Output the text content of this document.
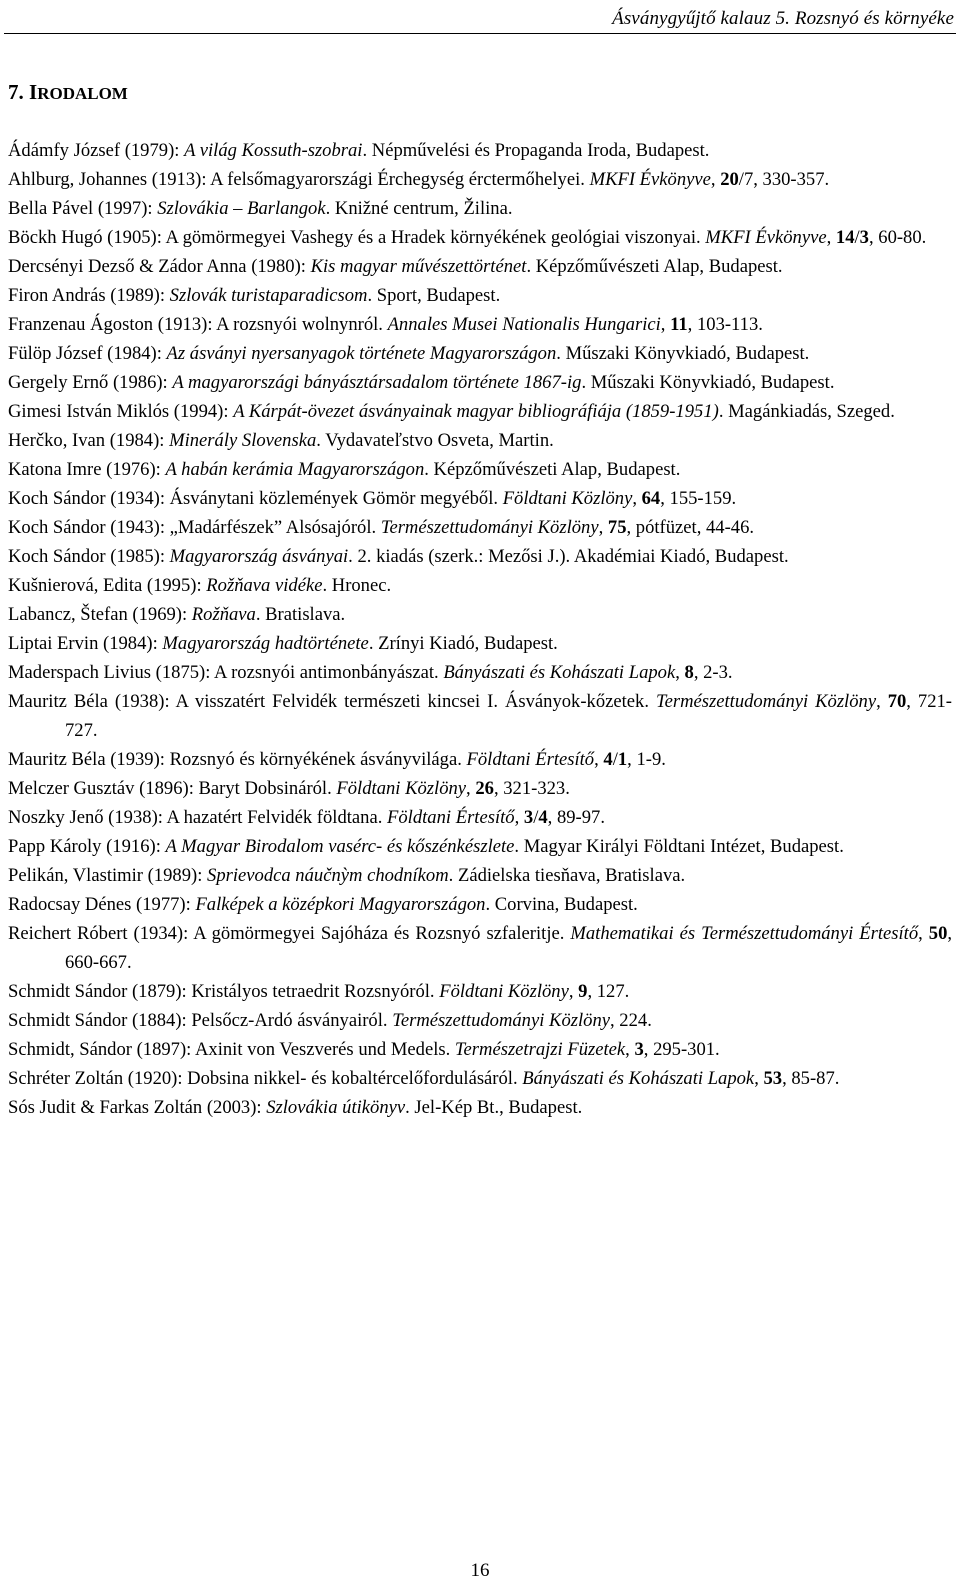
Ásványgyűjtő kalauz 5. Rozsnyó és környéke
7. IRODALOM
Ádámfy József (1979): A világ Kossuth-szobrai. Népművelési és Propaganda Iroda, Budapest.
Ahlburg, Johannes (1913): A felsőmagyarországi Érchegység érctermőhelyei. MKFI Évkönyve, 20/7, 330-357.
Bella Pável (1997): Szlovákia – Barlangok. Knižné centrum, Žilina.
Böckh Hugó (1905): A gömörmegyei Vashegy és a Hradek környékének geológiai viszonyai. MKFI Évkönyve, 14/3, 60-80.
Dercsényi Dezső & Zádor Anna (1980): Kis magyar művészettörténet. Képzőművészeti Alap, Budapest.
Firon András (1989): Szlovák turistaparadicsom. Sport, Budapest.
Franzenau Ágoston (1913): A rozsnyói wolnynról. Annales Musei Nationalis Hungarici, 11, 103-113.
Fülöp József (1984): Az ásványi nyersanyagok története Magyarországon. Műszaki Könyvkiadó, Budapest.
Gergely Ernő (1986): A magyarországi bányásztársadalom története 1867-ig. Műszaki Könyvkiadó, Budapest.
Gimesi István Miklós (1994): A Kárpát-övezet ásványainak magyar bibliográfiája (1859-1951). Magánkiadás, Szeged.
Herčko, Ivan (1984): Minerály Slovenska. Vydavateľstvo Osveta, Martin.
Katona Imre (1976): A habán kerámia Magyarországon. Képzőművészeti Alap, Budapest.
Koch Sándor (1934): Ásványtani közlemények Gömör megyéből. Földtani Közlöny, 64, 155-159.
Koch Sándor (1943): „Madárfészek” Alsósajóról. Természettudományi Közlöny, 75, pótfüzet, 44-46.
Koch Sándor (1985): Magyarország ásványai. 2. kiadás (szerk.: Mezősi J.). Akadémiai Kiadó, Budapest.
Kušnierová, Edita (1995): Rožňava vidéke. Hronec.
Labancz, Štefan (1969): Rožňava. Bratislava.
Liptai Ervin (1984): Magyarország hadtörténete. Zrínyi Kiadó, Budapest.
Maderspach Livius (1875): A rozsnyói antimonbányászat. Bányászati és Kohászati Lapok, 8, 2-3.
Mauritz Béla (1938): A visszatért Felvidék természeti kincsei I. Ásványok-kőzetek. Természettudományi Közlöny, 70, 721-727.
Mauritz Béla (1939): Rozsnyó és környékének ásványvilága. Földtani Értesítő, 4/1, 1-9.
Melczer Gusztáv (1896): Baryt Dobsináról. Földtani Közlöny, 26, 321-323.
Noszky Jenő (1938): A hazatért Felvidék földtana. Földtani Értesítő, 3/4, 89-97.
Papp Károly (1916): A Magyar Birodalom vasérc- és kőszénkészlete. Magyar Királyi Földtani Intézet, Budapest.
Pelikán, Vlastimir (1989): Sprievodca náučnỳm chodníkom. Zádielska tiesňava, Bratislava.
Radocsay Dénes (1977): Falképek a középkori Magyarországon. Corvina, Budapest.
Reichert Róbert (1934): A gömörmegyei Sajóháza és Rozsnyó szfaleritje. Mathematikai és Természettudományi Értesítő, 50, 660-667.
Schmidt Sándor (1879): Kristályos tetraedrit Rozsnyóról. Földtani Közlöny, 9, 127.
Schmidt Sándor (1884): Pelsőcz-Ardó ásványairól. Természettudományi Közlöny, 224.
Schmidt, Sándor (1897): Axinit von Veszverés und Medels. Természetrajzi Füzetek, 3, 295-301.
Schréter Zoltán (1920): Dobsina nikkel- és kobaltércelőfordulásáról. Bányászati és Kohászati Lapok, 53, 85-87.
Sós Judit & Farkas Zoltán (2003): Szlovákia útikönyv. Jel-Kép Bt., Budapest.
16
